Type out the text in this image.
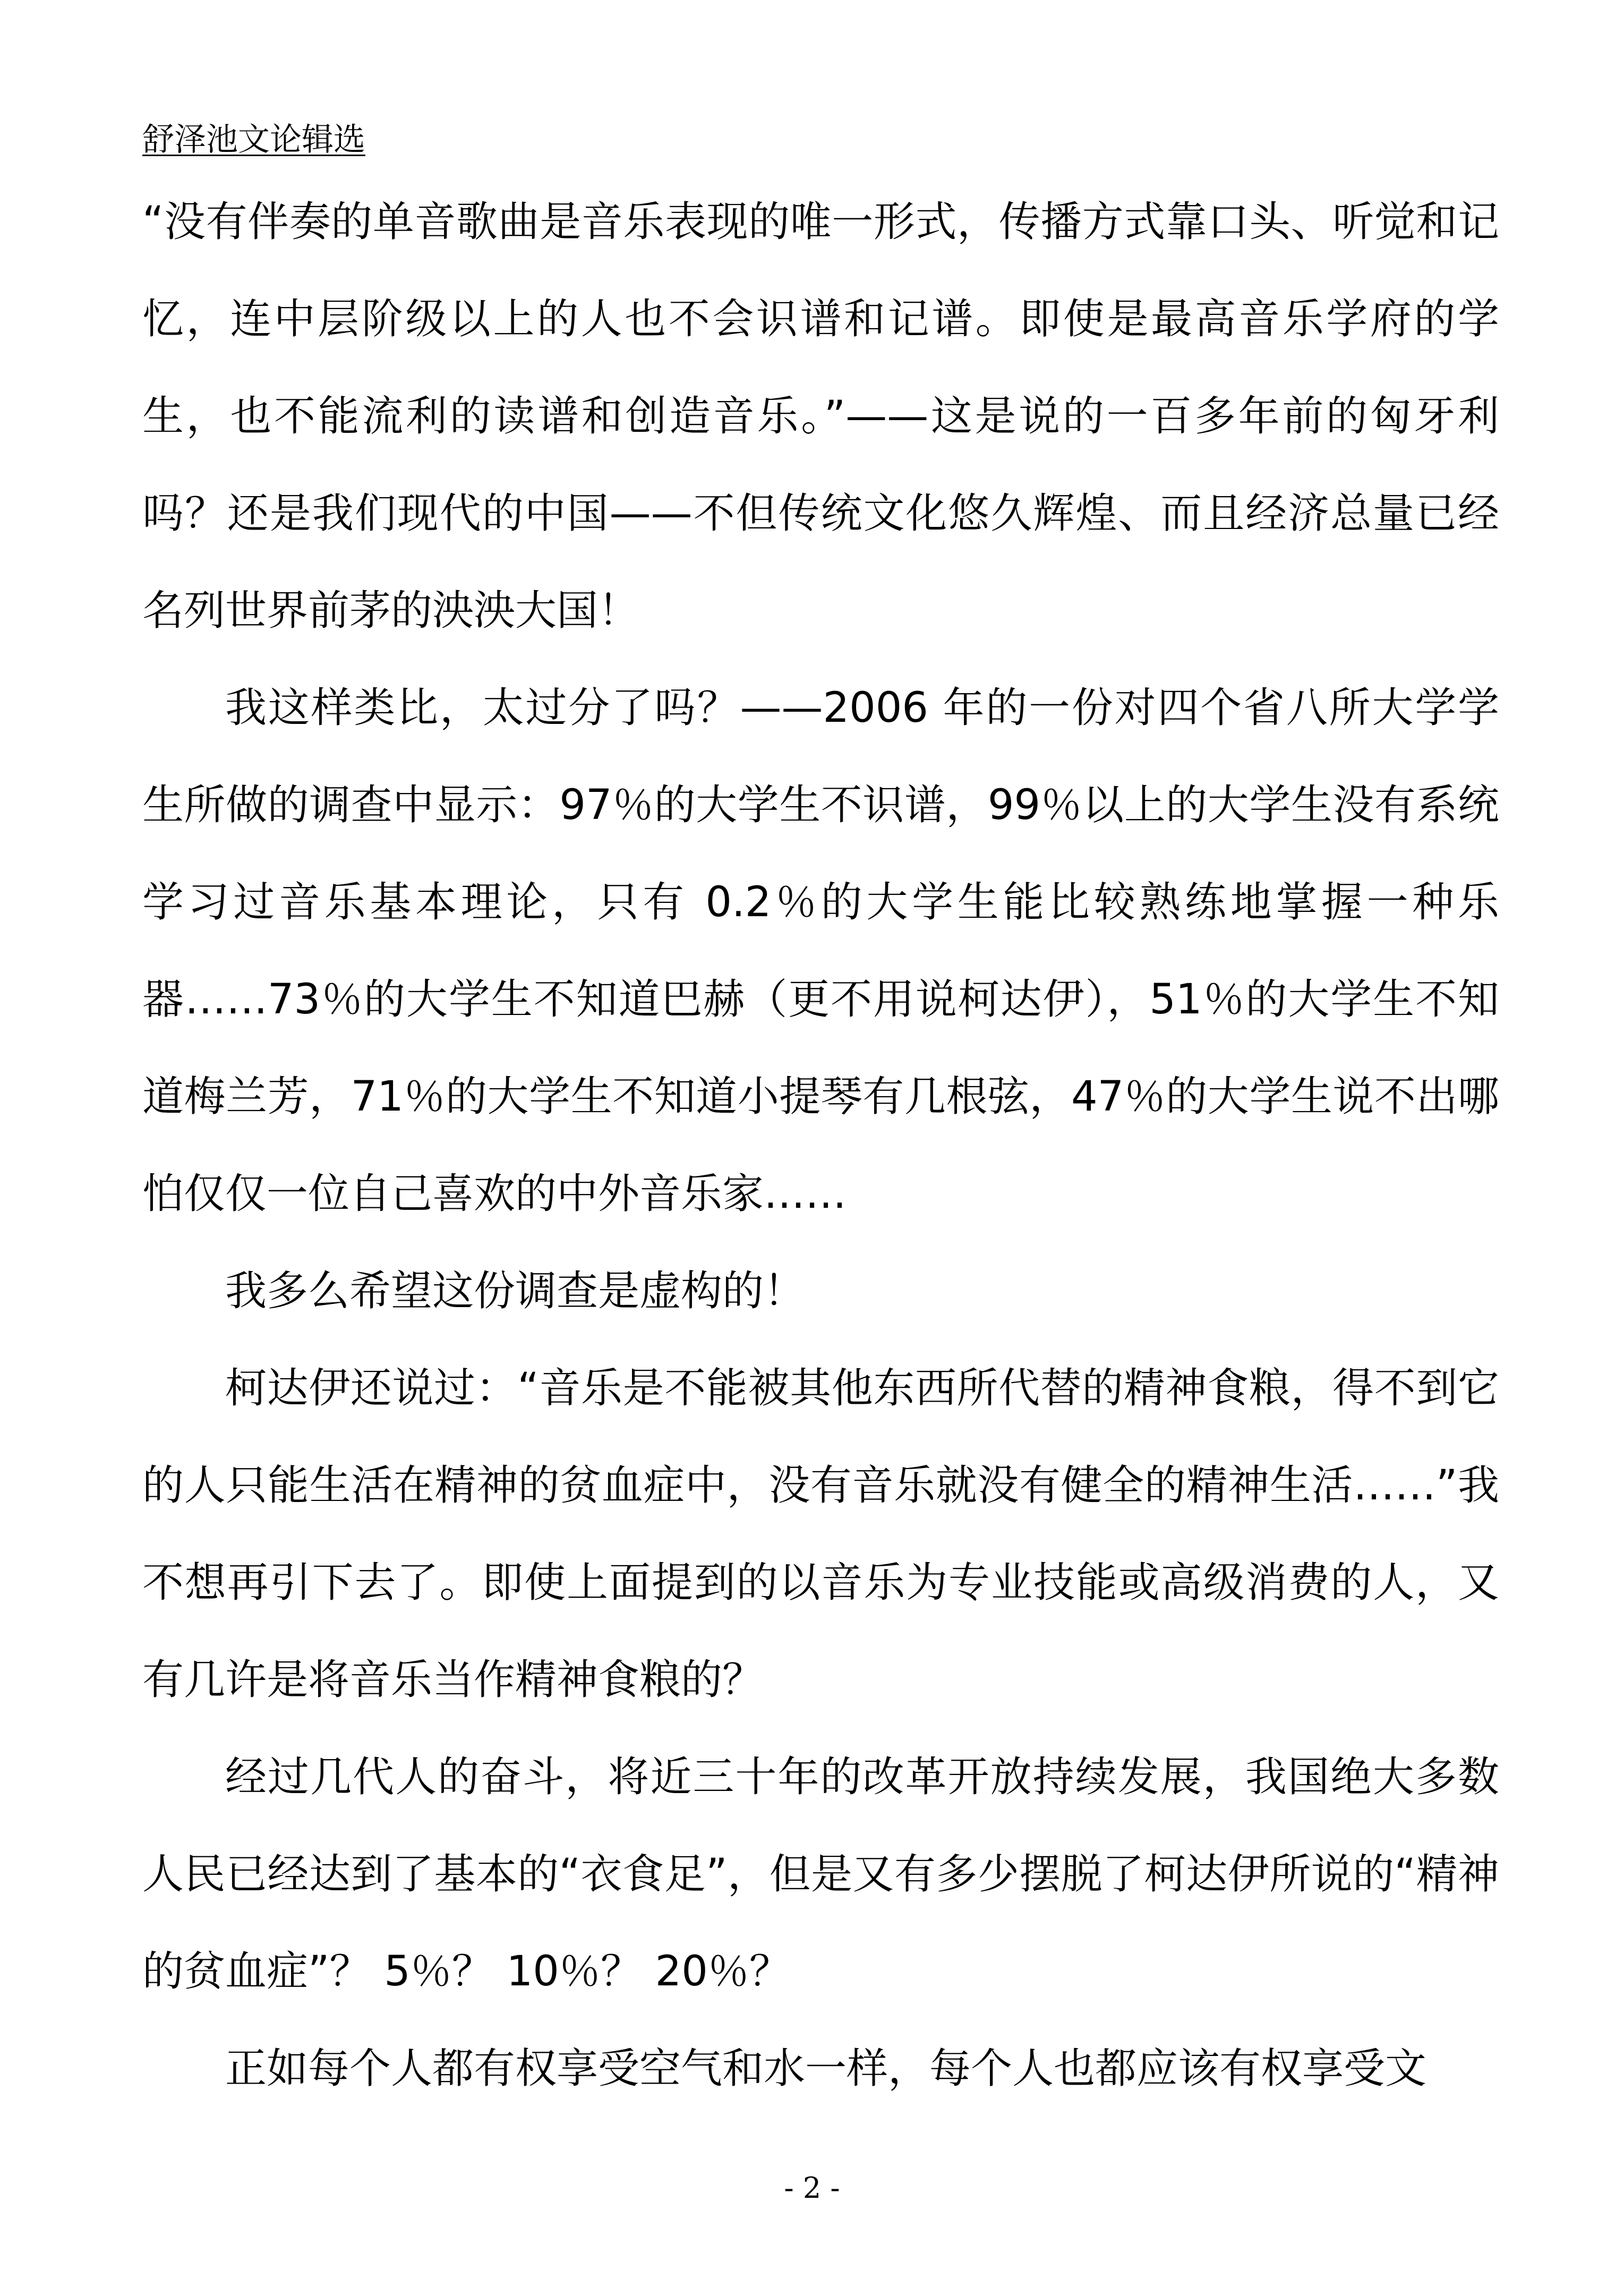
舒泽池文论辑选

“没有伴奏的单音歌曲是音乐表现的唯一形式，传播方式靠口头、听觉和记忆，连中层阶级以上的人也不会识谱和记谱。即使是最高音乐学府的学生，也不能流利的读谱和创造音乐。”——这是说的一百多年前的匈牙利吗？还是我们现代的中国——不但传统文化悠久辉煌、而且经济总量已经名列世界前茅的泱泱大国！

我这样类比，太过分了吗？——2006 年的一份对四个省八所大学学生所做的调查中显示：97％的大学生不识谱，99％以上的大学生没有系统学习过音乐基本理论，只有 0.2％的大学生能比较熟练地掌握一种乐器……73％的大学生不知道巴赫（更不用说柯达伊），51％的大学生不知道梅兰芳，71％的大学生不知道小提琴有几根弦，47％的大学生说不出哪怕仅仅一位自己喜欢的中外音乐家……

我多么希望这份调查是虚构的！

柯达伊还说过：“音乐是不能被其他东西所代替的精神食粮，得不到它的人只能生活在精神的贫血症中，没有音乐就没有健全的精神生活……”我不想再引下去了。即使上面提到的以音乐为专业技能或高级消费的人，又有几许是将音乐当作精神食粮的？

经过几代人的奋斗，将近三十年的改革开放持续发展，我国绝大多数人民已经达到了基本的“衣食足”，但是又有多少摆脱了柯达伊所说的“精神的贫血症”？ 5％？ 10％？ 20％？

正如每个人都有权享受空气和水一样，每个人也都应该有权享受文

- 2 -
